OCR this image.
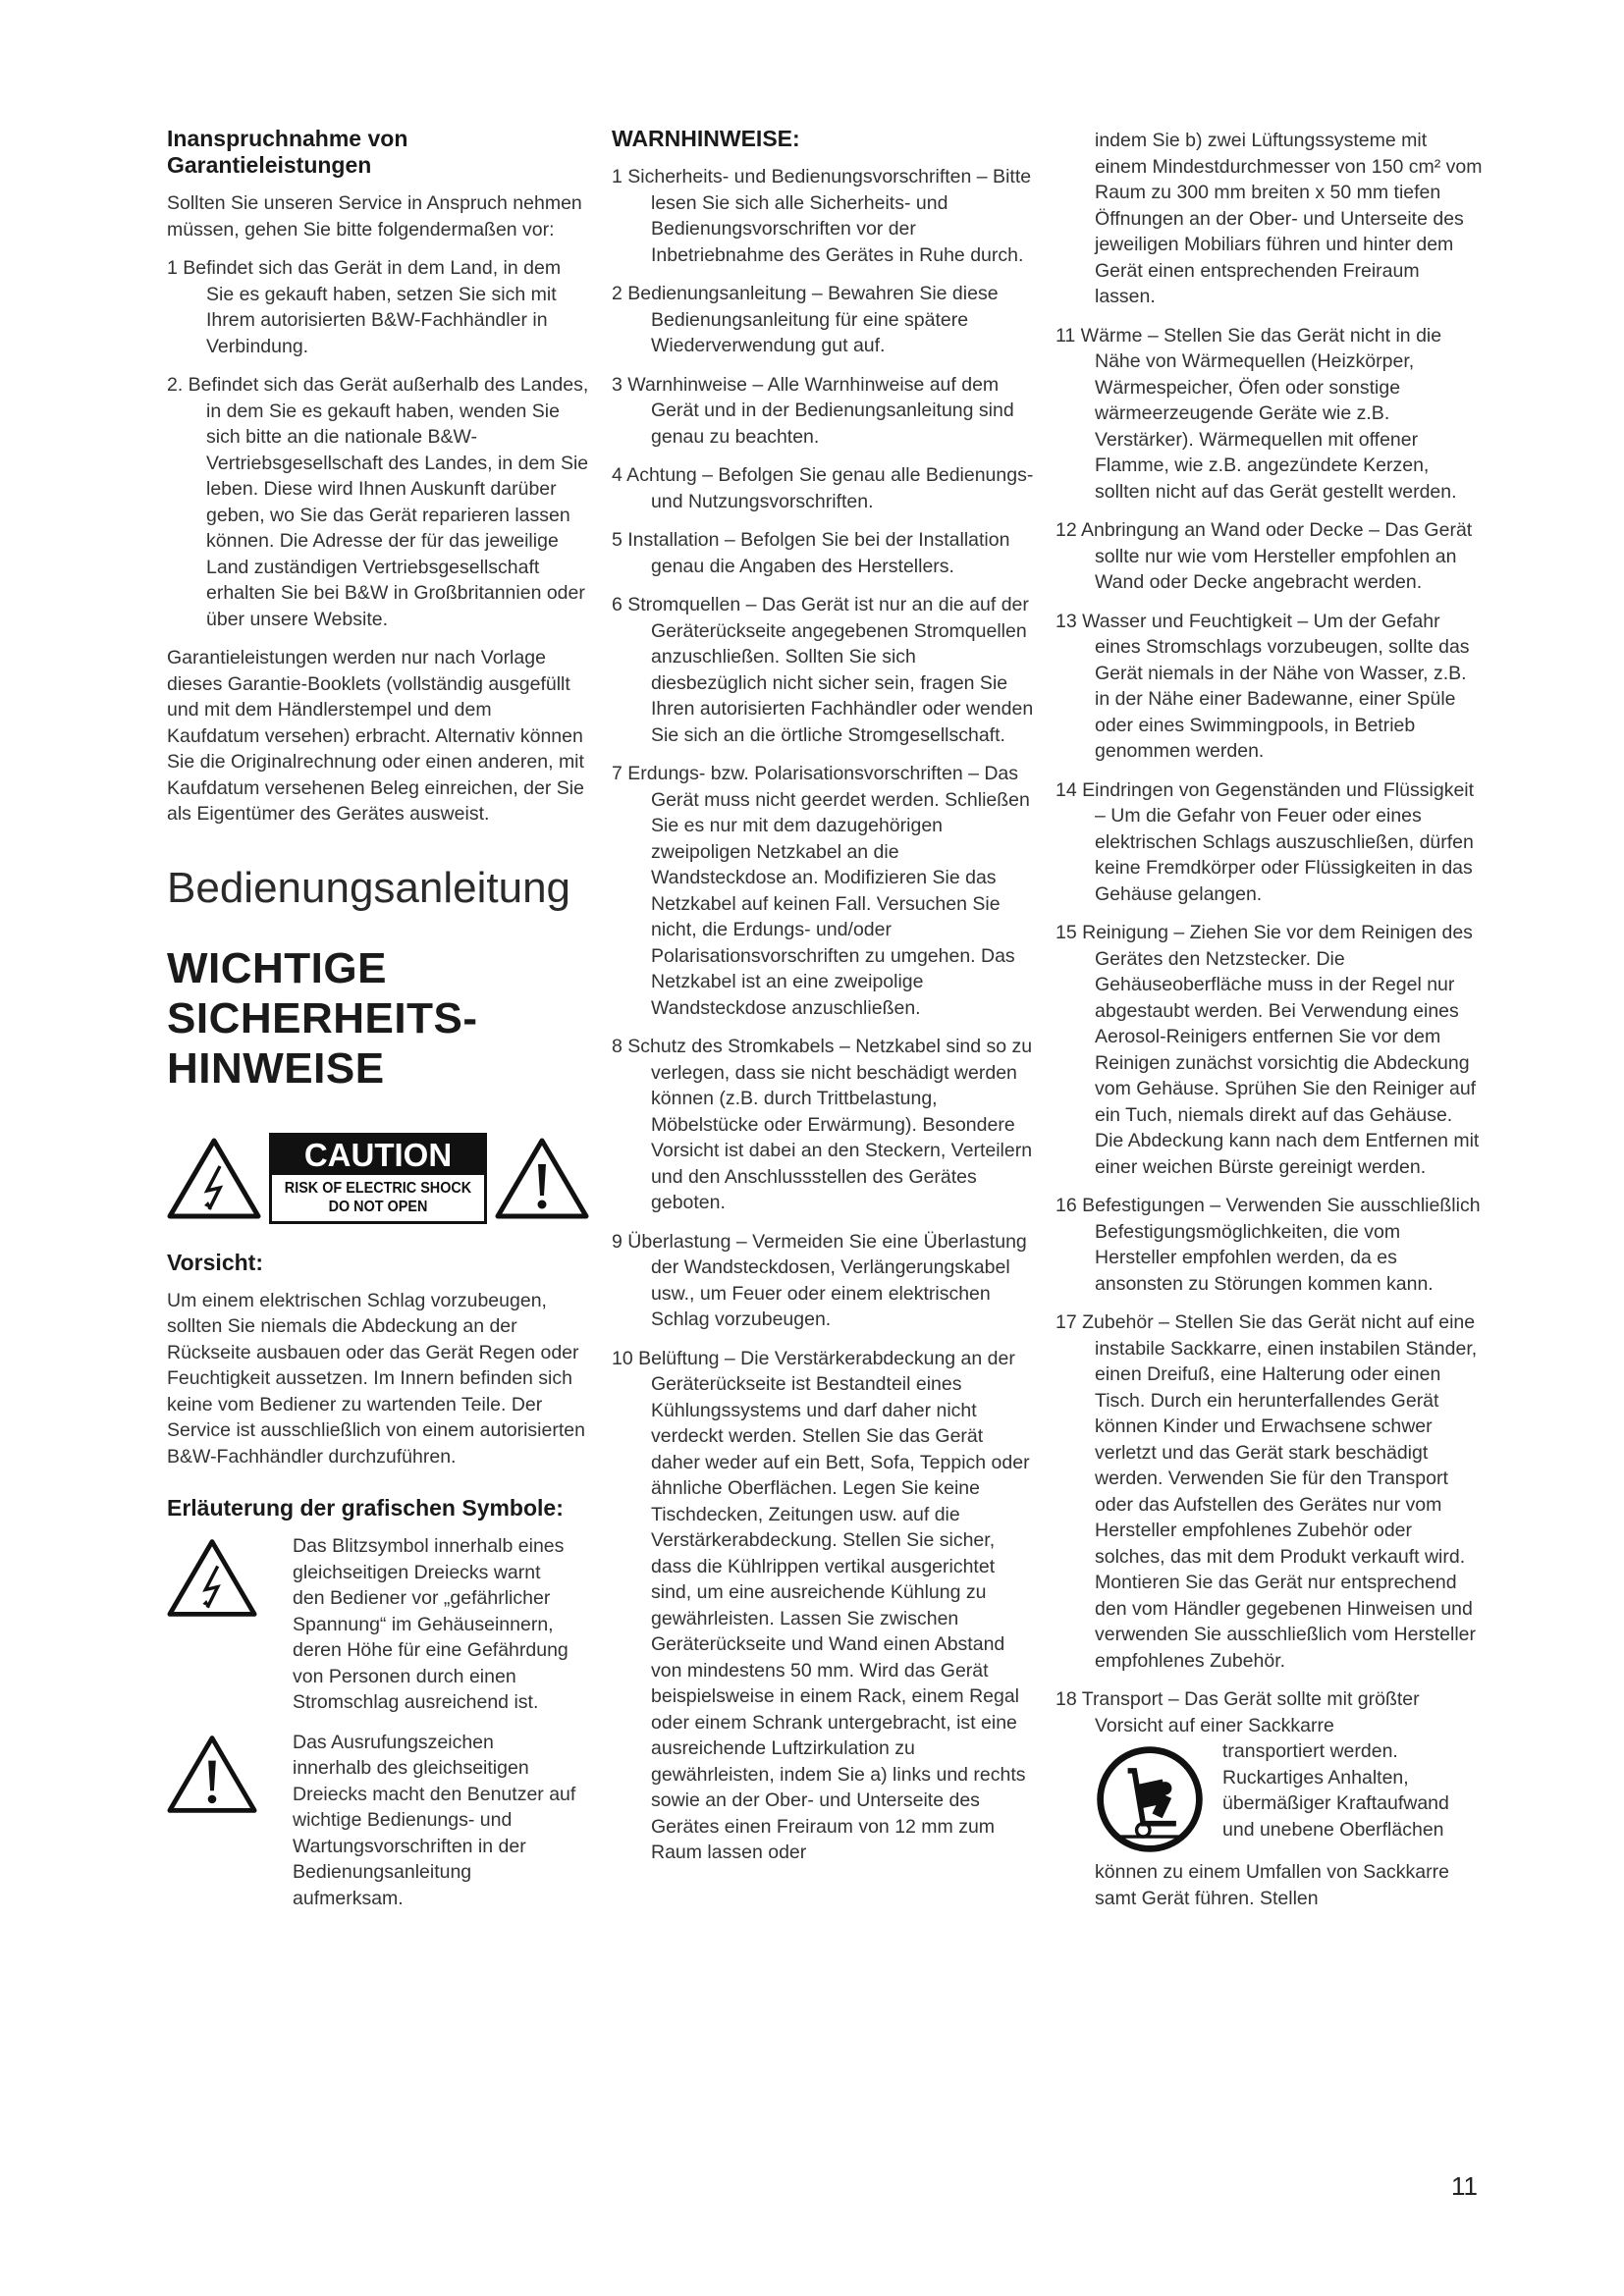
Inanspruchnahme von Garantieleistungen

Sollten Sie unseren Service in Anspruch nehmen müssen, gehen Sie bitte folgendermaßen vor:

1 Befindet sich das Gerät in dem Land, in dem Sie es gekauft haben, setzen Sie sich mit Ihrem autorisierten B&W-Fachhändler in Verbindung.

2. Befindet sich das Gerät außerhalb des Landes, in dem Sie es gekauft haben, wenden Sie sich bitte an die nationale B&W-Vertriebsgesellschaft des Landes, in dem Sie leben. Diese wird Ihnen Auskunft darüber geben, wo Sie das Gerät reparieren lassen können. Die Adresse der für das jeweilige Land zuständigen Vertriebsgesellschaft erhalten Sie bei B&W in Großbritannien oder über unsere Website.

Garantieleistungen werden nur nach Vorlage dieses Garantie-Booklets (vollständig ausgefüllt und mit dem Händlerstempel und dem Kaufdatum versehen) erbracht. Alternativ können Sie die Originalrechnung oder einen anderen, mit Kaufdatum versehenen Beleg einreichen, der Sie als Eigentümer des Gerätes ausweist.

Bedienungsanleitung
WICHTIGE
SICHERHEITS-
HINWEISE
CAUTION
RISK OF ELECTRIC SHOCK
DO NOT OPEN
Vorsicht:

Um einem elektrischen Schlag vorzubeugen, sollten Sie niemals die Abdeckung an der Rückseite ausbauen oder das Gerät Regen oder Feuchtigkeit aussetzen. Im Innern befinden sich keine vom Bediener zu wartenden Teile. Der Service ist ausschließlich von einem autorisierten B&W-Fachhändler durchzuführen.

Erläuterung der grafischen Symbole:

Das Blitzsymbol innerhalb eines gleichseitigen Dreiecks warnt den Bediener vor „gefährlicher Spannung“ im Gehäuseinnern, deren Höhe für eine Gefährdung von Personen durch einen Stromschlag ausreichend ist.

Das Ausrufungszeichen innerhalb des gleichseitigen Dreiecks macht den Benutzer auf wichtige Bedienungs- und Wartungsvorschriften in der Bedienungsanleitung aufmerksam.

WARNHINWEISE:

1 Sicherheits- und Bedienungsvorschriften – Bitte lesen Sie sich alle Sicherheits- und Bedienungsvorschriften vor der Inbetriebnahme des Gerätes in Ruhe durch.

2 Bedienungsanleitung – Bewahren Sie diese Bedienungsanleitung für eine spätere Wiederverwendung gut auf.

3 Warnhinweise – Alle Warnhinweise auf dem Gerät und in der Bedienungsanleitung sind genau zu beachten.

4 Achtung – Befolgen Sie genau alle Bedienungs- und Nutzungsvorschriften.

5 Installation – Befolgen Sie bei der Installation genau die Angaben des Herstellers.

6 Stromquellen – Das Gerät ist nur an die auf der Geräterückseite angegebenen Stromquellen anzuschließen. Sollten Sie sich diesbezüglich nicht sicher sein, fragen Sie Ihren autorisierten Fachhändler oder wenden Sie sich an die örtliche Stromgesellschaft.

7 Erdungs- bzw. Polarisationsvorschriften – Das Gerät muss nicht geerdet werden. Schließen Sie es nur mit dem dazugehörigen zweipoligen Netzkabel an die Wandsteckdose an. Modifizieren Sie das Netzkabel auf keinen Fall. Versuchen Sie nicht, die Erdungs- und/oder Polarisationsvorschriften zu umgehen. Das Netzkabel ist an eine zweipolige Wandsteckdose anzuschließen.

8 Schutz des Stromkabels – Netzkabel sind so zu verlegen, dass sie nicht beschädigt werden können (z.B. durch Trittbelastung, Möbelstücke oder Erwärmung). Besondere Vorsicht ist dabei an den Steckern, Verteilern und den Anschlussstellen des Gerätes geboten.

9 Überlastung – Vermeiden Sie eine Überlastung der Wandsteckdosen, Verlängerungskabel usw., um Feuer oder einem elektrischen Schlag vorzubeugen.

10 Belüftung – Die Verstärkerabdeckung an der Geräterückseite ist Bestandteil eines Kühlungssystems und darf daher nicht verdeckt werden. Stellen Sie das Gerät daher weder auf ein Bett, Sofa, Teppich oder ähnliche Oberflächen. Legen Sie keine Tischdecken, Zeitungen usw. auf die Verstärkerabdeckung. Stellen Sie sicher, dass die Kühlrippen vertikal ausgerichtet sind, um eine ausreichende Kühlung zu gewährleisten. Lassen Sie zwischen Geräterückseite und Wand einen Abstand von mindestens 50 mm. Wird das Gerät beispielsweise in einem Rack, einem Regal oder einem Schrank untergebracht, ist eine ausreichende Luftzirkulation zu gewährleisten, indem Sie a) links und rechts sowie an der Ober- und Unterseite des Gerätes einen Freiraum von 12 mm zum Raum lassen oder

indem Sie b) zwei Lüftungssysteme mit einem Mindestdurchmesser von 150 cm² vom Raum zu 300 mm breiten x 50 mm tiefen Öffnungen an der Ober- und Unterseite des jeweiligen Mobiliars führen und hinter dem Gerät einen entsprechenden Freiraum lassen.

11 Wärme – Stellen Sie das Gerät nicht in die Nähe von Wärmequellen (Heizkörper, Wärmespeicher, Öfen oder sonstige wärmeerzeugende Geräte wie z.B. Verstärker). Wärmequellen mit offener Flamme, wie z.B. angezündete Kerzen, sollten nicht auf das Gerät gestellt werden.

12 Anbringung an Wand oder Decke – Das Gerät sollte nur wie vom Hersteller empfohlen an Wand oder Decke angebracht werden.

13 Wasser und Feuchtigkeit – Um der Gefahr eines Stromschlags vorzubeugen, sollte das Gerät niemals in der Nähe von Wasser, z.B. in der Nähe einer Badewanne, einer Spüle oder eines Swimmingpools, in Betrieb genommen werden.

14 Eindringen von Gegenständen und Flüssigkeit – Um die Gefahr von Feuer oder eines elektrischen Schlags auszuschließen, dürfen keine Fremdkörper oder Flüssigkeiten in das Gehäuse gelangen.

15 Reinigung – Ziehen Sie vor dem Reinigen des Gerätes den Netzstecker. Die Gehäuseoberfläche muss in der Regel nur abgestaubt werden. Bei Verwendung eines Aerosol-Reinigers entfernen Sie vor dem Reinigen zunächst vorsichtig die Abdeckung vom Gehäuse. Sprühen Sie den Reiniger auf ein Tuch, niemals direkt auf das Gehäuse. Die Abdeckung kann nach dem Entfernen mit einer weichen Bürste gereinigt werden.

16 Befestigungen – Verwenden Sie ausschließlich Befestigungsmöglichkeiten, die vom Hersteller empfohlen werden, da es ansonsten zu Störungen kommen kann.

17 Zubehör – Stellen Sie das Gerät nicht auf eine instabile Sackkarre, einen instabilen Ständer, einen Dreifuß, eine Halterung oder einen Tisch. Durch ein herunterfallendes Gerät können Kinder und Erwachsene schwer verletzt und das Gerät stark beschädigt werden. Verwenden Sie für den Transport oder das Aufstellen des Gerätes nur vom Hersteller empfohlenes Zubehör oder solches, das mit dem Produkt verkauft wird. Montieren Sie das Gerät nur entsprechend den vom Händler gegebenen Hinweisen und verwenden Sie ausschließlich vom Hersteller empfohlenes Zubehör.

18 Transport – Das Gerät sollte mit größter Vorsicht auf einer Sackkarre

transportiert werden. Ruckartiges Anhalten, übermäßiger Kraftaufwand und unebene Oberflächen

können zu einem Umfallen von Sackkarre samt Gerät führen. Stellen

11
